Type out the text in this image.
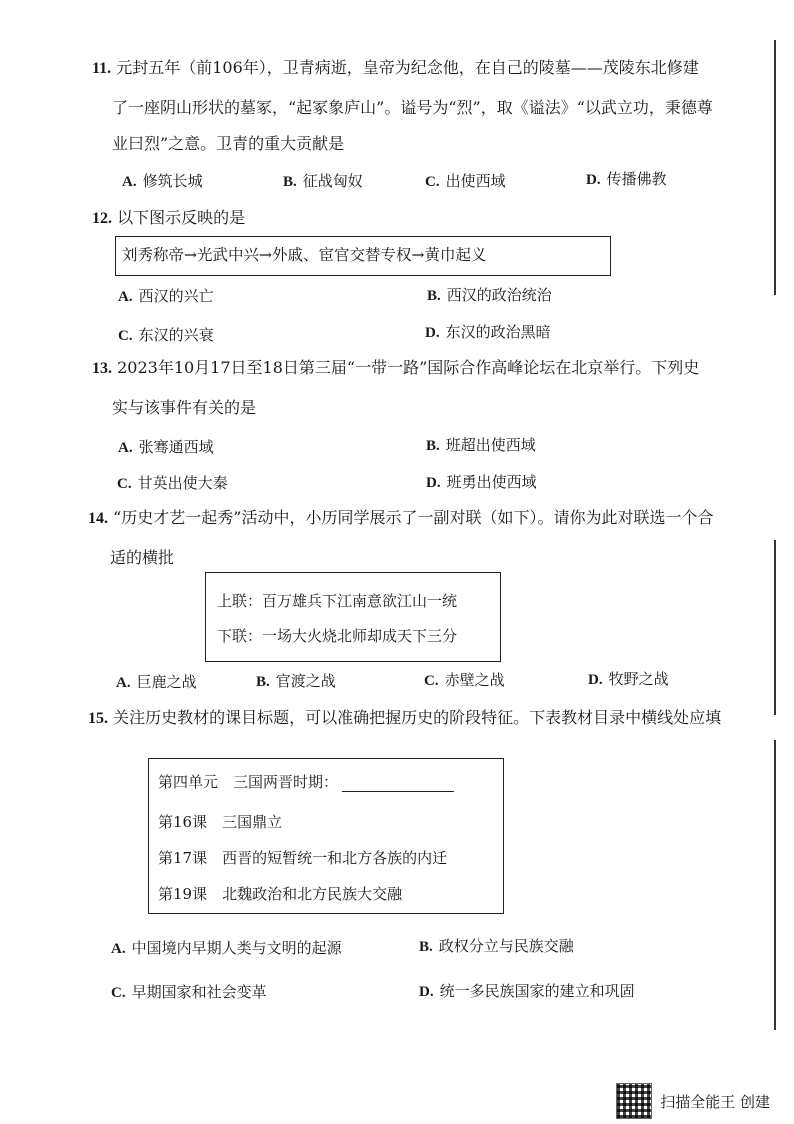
11. 元封五年（前106年），卫青病逝，皇帝为纪念他，在自己的陵墓——茂陵东北修建
了一座阴山形状的墓冢，“起冢象庐山”。谥号为“烈”，取《谥法》“以武立功，秉德尊
业曰烈”之意。卫青的重大贡献是
A. 修筑长城	B. 征战匈奴	C. 出使西域	D. 传播佛教
12. 以下图示反映的是
刘秀称帝→光武中兴→外戚、宦官交替专权→黄巾起义
A. 西汉的兴亡	B. 西汉的政治统治
C. 东汉的兴衰	D. 东汉的政治黑暗
13. 2023年10月17日至18日第三届“一带一路”国际合作高峰论坛在北京举行。下列史
实与该事件有关的是
A. 张骞通西域	B. 班超出使西域
C. 甘英出使大秦	D. 班勇出使西域
14. “历史才艺一起秀”活动中，小历同学展示了一副对联（如下）。请你为此对联选一个合
适的横批
上联：百万雄兵下江南意欲江山一统
下联：一场大火烧北师却成天下三分
A. 巨鹿之战	B. 官渡之战	C. 赤壁之战	D. 牧野之战
15. 关注历史教材的课目标题，可以准确把握历史的阶段特征。下表教材目录中横线处应填
第四单元　三国两晋时期：
第16课　三国鼎立
第17课　西晋的短暂统一和北方各族的内迁
第19课　北魏政治和北方民族大交融
A. 中国境内早期人类与文明的起源	B. 政权分立与民族交融
C. 早期国家和社会变革	D. 统一多民族国家的建立和巩固
扫描全能王 创建
